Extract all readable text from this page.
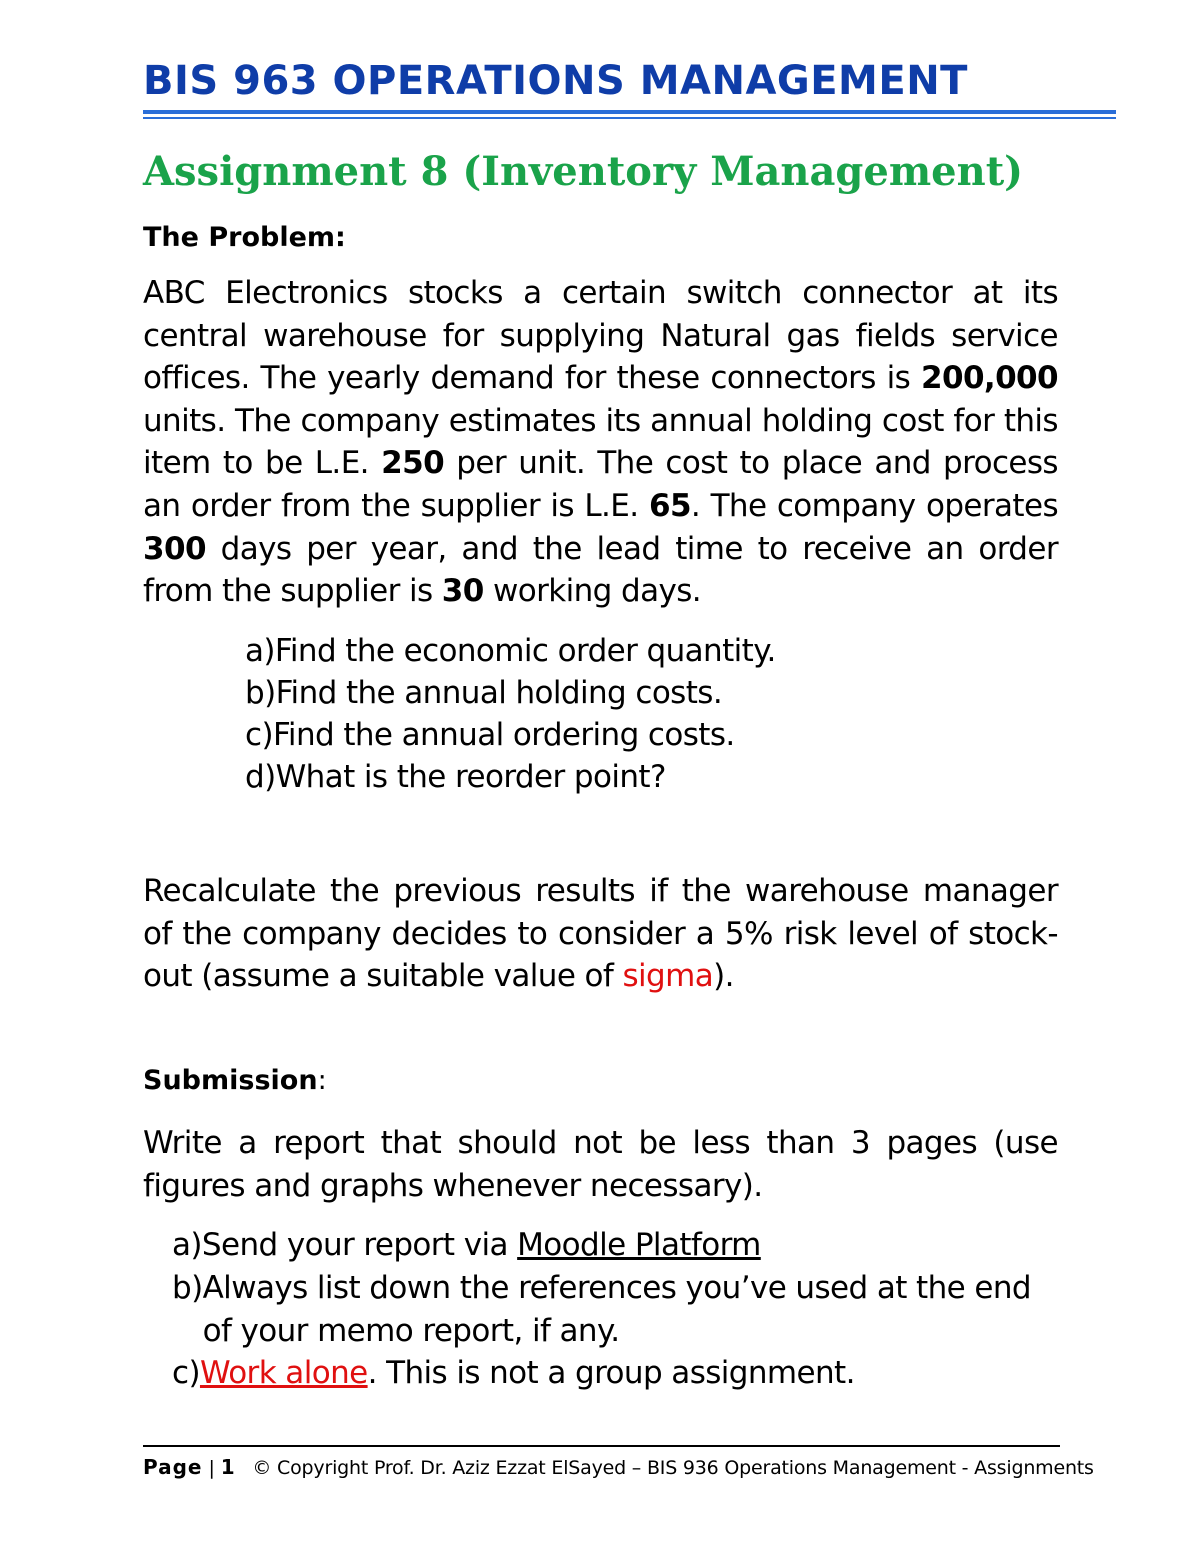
BIS 963 OPERATIONS MANAGEMENT
Assignment 8 (Inventory Management)
The Problem:

ABC Electronics stocks a certain switch connector at its central warehouse for supplying Natural gas fields service offices. The yearly demand for these connectors is 200,000 units. The company estimates its annual holding cost for this item to be L.E. 250 per unit. The cost to place and process an order from the supplier is L.E. 65. The company operates 300 days per year, and the lead time to receive an order from the supplier is 30 working days.

a) Find the economic order quantity.
b) Find the annual holding costs.
c) Find the annual ordering costs.
d) What is the reorder point?

Recalculate the previous results if the warehouse manager of the company decides to consider a 5% risk level of stock-out (assume a suitable value of sigma).

Submission:

Write a report that should not be less than 3 pages (use figures and graphs whenever necessary).

a) Send your report via Moodle Platform
b) Always list down the references you’ve used at the end of your memo report, if any.
c) Work alone. This is not a group assignment.
Page | 1 © Copyright Prof. Dr. Aziz Ezzat ElSayed – BIS 936 Operations Management - Assignments
